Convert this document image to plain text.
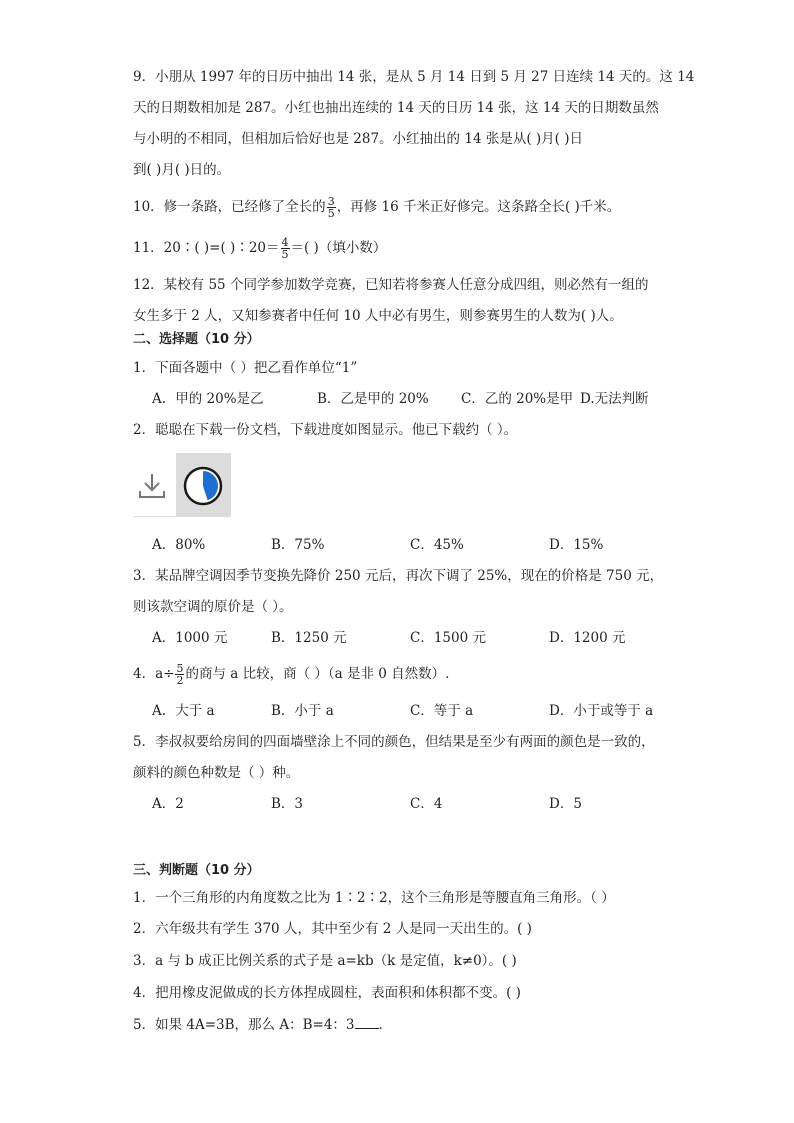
9．小朋从 1997 年的日历中抽出 14 张，是从 5 月 14 日到 5 月 27 日连续 14 天的。这 14
天的日期数相加是 287。小红也抽出连续的 14 天的日历 14 张，这 14 天的日期数虽然
与小明的不相同，但相加后恰好也是 287。小红抽出的 14 张是从( )月( )日
到( )月( )日的。
10．修一条路，已经修了全长的 $\frac{3}{5}$ ，再修 16 千米正好修完。这条路全长( )千米。
11．20∶( )=( )∶20＝ $\frac{4}{5}$ ＝( )（填小数）
12．某校有 55 个同学参加数学竞赛，已知若将参赛人任意分成四组，则必然有一组的
女生多于 2 人，又知参赛者中任何 10 人中必有男生，则参赛男生的人数为( )人。
二、选择题（10 分）
1．下面各题中（ ）把乙看作单位“1”
A．甲的 20%是乙	B．乙是甲的 20% C．乙的 20%是甲 D.无法判断
2．聪聪在下载一份文档，下载进度如图显示。他已下载约（ ）。
A．80%	B．75%	C．45%	D．15%
3．某品牌空调因季节变换先降价 250 元后，再次下调了 25%，现在的价格是 750 元，
则该款空调的原价是（ ）。
A．1000 元	B．1250 元	C．1500 元	D．1200 元
4．$a\div \frac{5}{2}$ 的商与 a 比较，商（ ）（a 是非 0 自然数）.
A．大于 a	B．小于 a	C．等于 a	D．小于或等于 a
5．李叔叔要给房间的四面墙壁涂上不同的颜色，但结果是至少有两面的颜色是一致的，
颜料的颜色种数是（ ）种。
A．2	B．3	C．4	D．5
三、判断题（10 分）
1．一个三角形的内角度数之比为 1∶2∶2，这个三角形是等腰直角三角形。（ ）
2．六年级共有学生 370 人，其中至少有 2 人是同一天出生的。( )
3．a 与 b 成正比例关系的式子是 a=kb（k 是定值，k≠0）。( )
4．把用橡皮泥做成的长方体捏成圆柱，表面积和体积都不变。( )
5．如果 4A=3B，那么 A：B=4：3 .
